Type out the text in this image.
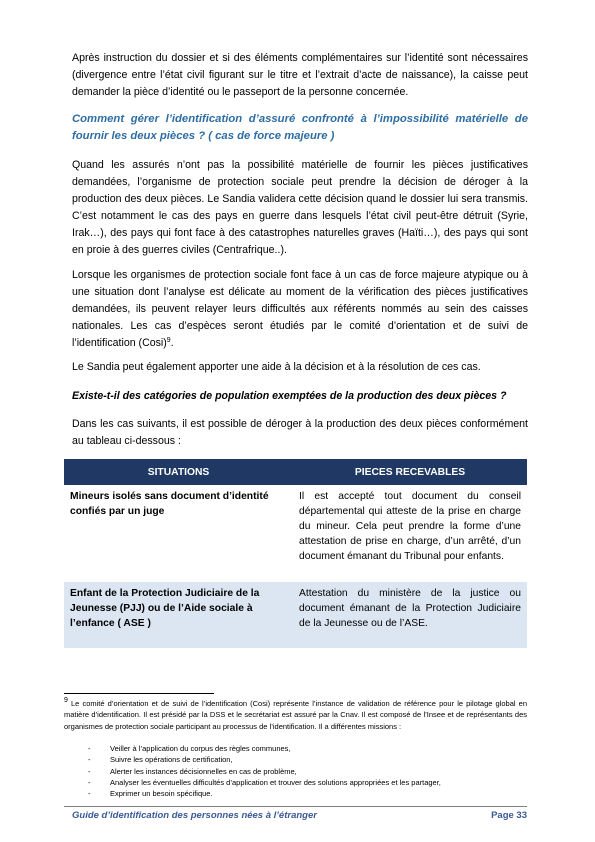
Après instruction du dossier et si des éléments complémentaires sur l’identité sont nécessaires (divergence entre l’état civil figurant sur le titre et l’extrait d’acte de naissance), la caisse peut demander la pièce d’identité ou le passeport de la personne concernée.

Comment gérer l’identification d’assuré confronté à l’impossibilité matérielle de fournir les deux pièces ? ( cas de force majeure )

Quand les assurés n’ont pas la possibilité matérielle de fournir les pièces justificatives demandées, l’organisme de protection sociale peut prendre la décision de déroger à la production des deux pièces. Le Sandia validera cette décision quand le dossier lui sera transmis. C’est notamment le cas des pays en guerre dans lesquels l’état civil peut-être détruit (Syrie, Irak…), des pays qui font face à des catastrophes naturelles graves (Haïti…), des pays qui sont en proie à des guerres civiles (Centrafrique..).

Lorsque les organismes de protection sociale font face à un cas de force majeure atypique ou à une situation dont l’analyse est délicate au moment de la vérification des pièces justificatives demandées, ils peuvent relayer leurs difficultés aux référents nommés au sein des caisses nationales. Les cas d’espèces seront étudiés par le comité d’orientation et de suivi de l’identification (Cosi)$^9$.

Le Sandia peut également apporter une aide à la décision et à la résolution de ces cas.

Existe-t-il des catégories de population exemptées de la production des deux pièces ?

Dans les cas suivants, il est possible de déroger à la production des deux pièces conformément au tableau ci-dessous :

SITUATIONS	PIECES RECEVABLES
Mineurs isolés sans document d’identité confiés par un juge	Il est accepté tout document du conseil départemental qui atteste de la prise en charge du mineur. Cela peut prendre la forme d’une attestation de prise en charge, d’un arrêté, d’un document émanant du Tribunal pour enfants.
Enfant de la Protection Judiciaire de la Jeunesse (PJJ) ou de l’Aide sociale à l’enfance ( ASE )	Attestation du ministère de la justice ou document émanant de la Protection Judiciaire de la Jeunesse ou de l’ASE.

$^9$ Le comité d’orientation et de suivi de l’identification (Cosi) représente l’instance de validation de référence pour le pilotage global en matière d’identification. Il est présidé par la DSS et le secrétariat est assuré par la Cnav. Il est composé de l’Insee et de représentants des organismes de protection sociale participant au processus de l’identification. Il a différentes missions :

-	Veiller à l’application du corpus des règles communes,
-	Suivre les opérations de certification,
-	Alerter les instances décisionnelles en cas de problème,
-	Analyser les éventuelles difficultés d’application et trouver des solutions appropriées et les partager,
-	Exprimer un besoin spécifique.
Guide d’identification des personnes nées à l’étranger	Page 33
